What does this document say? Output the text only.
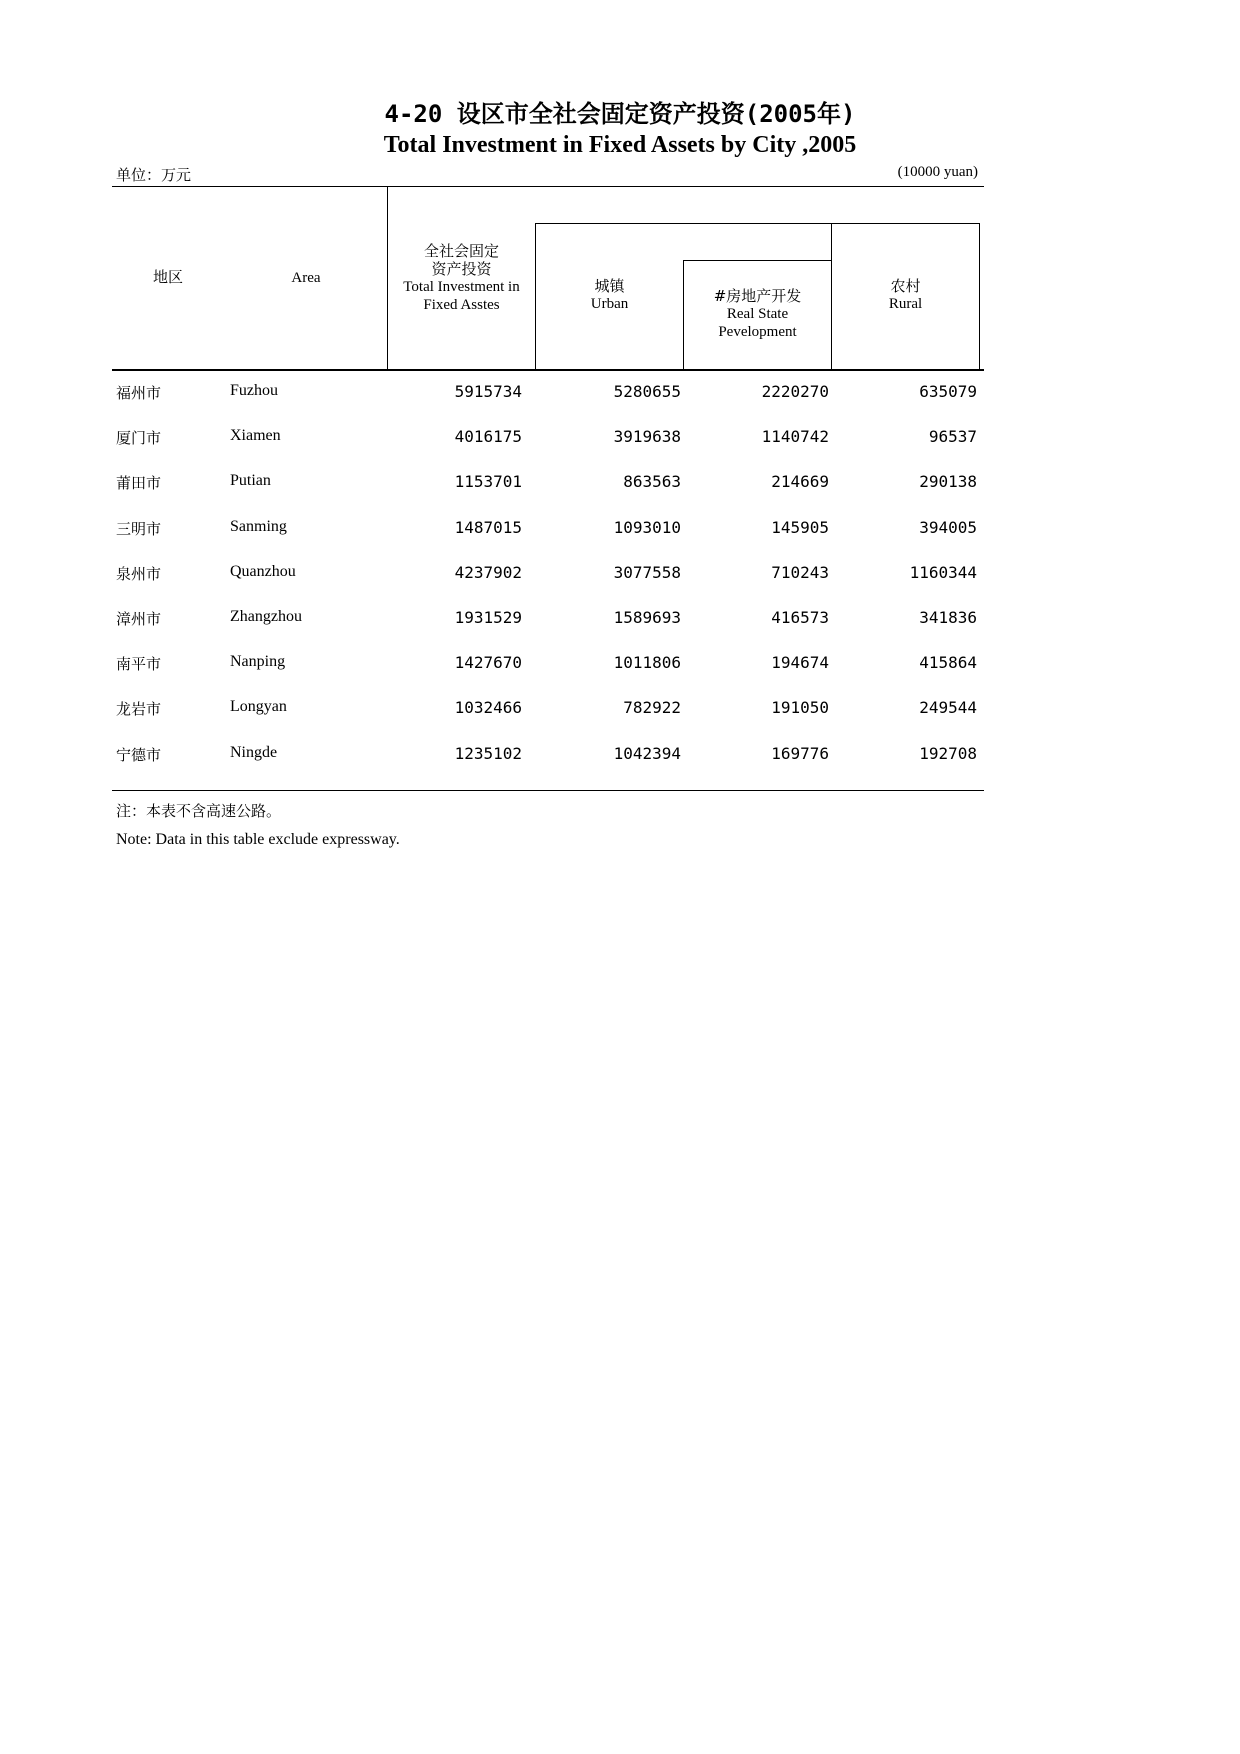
4-20 设区市全社会固定资产投资(2005年)
Total Investment in Fixed Assets by City ,2005
单位：万元	(10000 yuan)
地区	Area
全社会固定
资产投资
Total Investment in
Fixed Asstes
城镇
Urban	#房地产开发
Real State
Pevelopment
农村
Rural
福州市	Fuzhou	5915734	5280655	2220270	635079
厦门市	Xiamen	4016175	3919638	1140742	96537
莆田市	Putian	1153701	863563	214669	290138
三明市	Sanming	1487015	1093010	145905	394005
泉州市	Quanzhou	4237902	3077558	710243	1160344
漳州市	Zhangzhou	1931529	1589693	416573	341836
南平市	Nanping	1427670	1011806	194674	415864
龙岩市	Longyan	1032466	782922	191050	249544
宁德市	Ningde	1235102	1042394	169776	192708
注：本表不含高速公路。
Note: Data in this table exclude expressway.
